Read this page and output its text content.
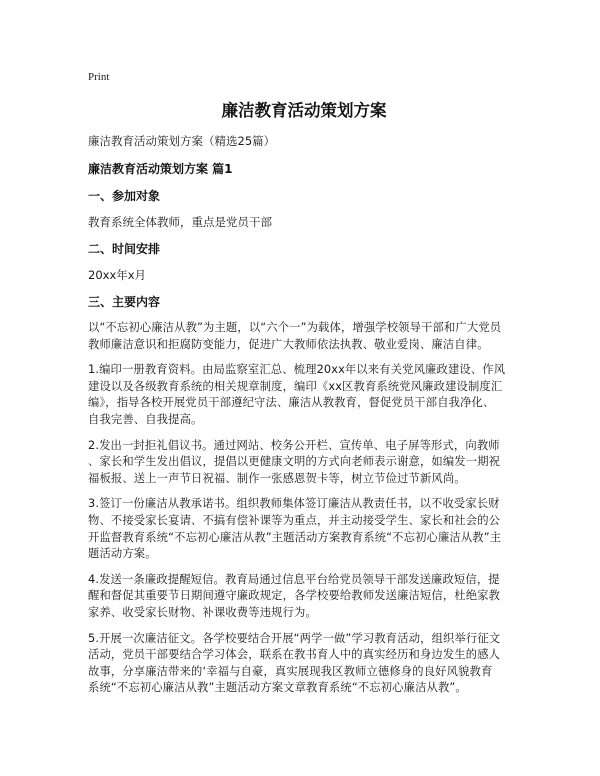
Print
廉洁教育活动策划方案
廉洁教育活动策划方案（精选25篇）
廉洁教育活动策划方案 篇1
一、参加对象
教育系统全体教师，重点是党员干部
二、时间安排
20xx年x月
三、主要内容
以“不忘初心廉洁从教”为主题，以“六个一”为载体，增强学校领导干部和广大党员
教师廉洁意识和拒腐防变能力，促进广大教师依法执教、敬业爱岗、廉洁自律。
1.编印一册教育资料。由局监察室汇总、梳理20xx年以来有关党风廉政建设、作风
建设以及各级教育系统的相关规章制度，编印《xx区教育系统党风廉政建设制度汇
编》，指导各校开展党员干部遵纪守法、廉洁从教教育，督促党员干部自我净化、
自我完善、自我提高。
2.发出一封拒礼倡议书。通过网站、校务公开栏、宣传单、电子屏等形式，向教师
、家长和学生发出倡议，提倡以更健康文明的方式向老师表示谢意，如编发一期祝
福板报、送上一声节日祝福、制作一张感恩贺卡等，树立节俭过节新风尚。
3.签订一份廉洁从教承诺书。组织教师集体签订廉洁从教责任书，以不收受家长财
物、不接受家长宴请、不搞有偿补课等为重点，并主动接受学生、家长和社会的公
开监督教育系统“不忘初心廉洁从教”主题活动方案教育系统“不忘初心廉洁从教”主
题活动方案。
4.发送一条廉政提醒短信。教育局通过信息平台给党员领导干部发送廉政短信，提
醒和督促其重要节日期间遵守廉政规定，各学校要给教师发送廉洁短信，杜绝家教
家养、收受家长财物、补课收费等违规行为。
5.开展一次廉洁征文。各学校要结合开展“两学一做”学习教育活动，组织举行征文
活动，党员干部要结合学习体会，联系在教书育人中的真实经历和身边发生的感人
故事，分享廉洁带来的‘幸福与自豪，真实展现我区教师立德修身的良好风貌教育
系统“不忘初心廉洁从教”主题活动方案文章教育系统“不忘初心廉洁从教”。
